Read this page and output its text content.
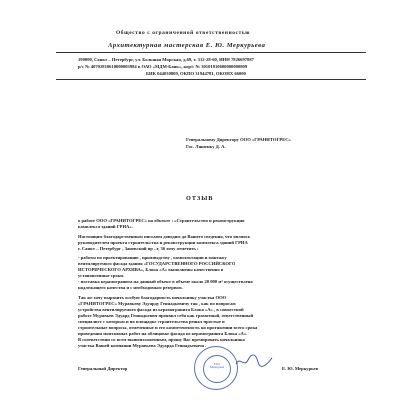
Общество с ограниченной ответственностью
Архитектурная мастерская Е. Ю. Меркурьева
190000, Санкт – Петербург, ул. Большая Морская, д.69, т. 312-28-60, ИНН 7826697887
р/с № 40702810610000003984 в ОАО «МДМ-Банк», кор/с № 30101810600000000809
БИК 044030809, ОКПО 31944781, ОКОНХ 66000
Генеральному Директору ООО «ГРАНИТОГРЕС»
Гос. Ляшенку Д. А.
ОТЗЫВ
о работе ООО «ГРАНИТОГРЕС» на объекте : «Строительство и реконструкция
комплекса зданий ГРИА».
Настоящим благодарственным письмом доводим до Вашего сведения, что являясь
руководителем проекта строительства и реконструкции комплекса зданий ГРИА
г. Санкт – Петербург , Заневский пр –т, 36 хочу отметить :
- работы по проектированию , производству , комплектации и монтажу
вентилируемого фасада здания «ГОСУДАРСТВЕННОГО РОССИЙСКОГО
ИСТОРИЧЕСКОГО АРХИВА», Блока «А» выполнены качественно в
установленные сроки.
- поставка керамогранита на данный объект в объеме около 20 000 м² осуществлена
надлежащего качества и с необходимым резервом.
Так же хочу выразить особую благодарность начальнику участка ООО
«ГРАНИТОГРЕС» Муравьеву Эдуарду Геннадьевичу так , как по вопросам
устройства вентилируемого фасада из керамогранита Блока «А» , в совместной
работе Муравьев Эдуард Геннадьевич проявил себя как грамотный, ответственный
специалист с которым и на площадке строительства решал простые и
строительные вопросы, отмеченные и его компетентность на протяжении всего срока
проведения монтажных работ на облицовке фасада из керамогранита Блока «А».
В соответствии со всем вышеизложенным, прошу Вас премировать начальника
участка Вашей компании Муравьева Эдуарда Геннадьевича .
Генеральный Директор	Е. Ю. Меркурьев
Е.Ю.
Меркурьев
